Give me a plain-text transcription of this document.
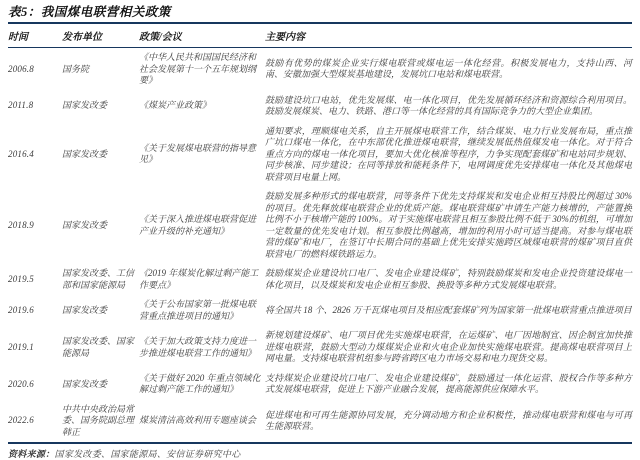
表5：我国煤电联营相关政策
时间	发布单位	政策/会议	主要内容
2006.8	国务院	《中华人民共和国国民经济和社会发展第十一个五年规划纲要》	鼓励有优势的煤炭企业实行煤电联营或煤电运一体化经营。积极发展电力，支持山西、河南、安徽加强大型煤炭基地建设，发展坑口电站和煤电联营。
2011.8	国家发改委	《煤炭产业政策》	鼓励建设坑口电站，优先发展煤、电一体化项目，优先发展循环经济和资源综合利用项目。鼓励发展煤炭、电力、铁路、港口等一体化经营的具有国际竞争力的大型企业集团。
2016.4	国家发改委	《关于发展煤电联营的指导意见》	通知要求，理顺煤电关系，自主开展煤电联营工作，结合煤炭、电力行业发展布局，重点推广坑口煤电一体化，在中东部优化推进煤电联营，继续发展低热值煤发电一体化。对于符合重点方向的煤电一体化项目，要加大优化核准等程序，力争实现配套煤矿和电站同步规划、同步核准、同步建设；在同等排放和能耗条件下，电网调度优先安排煤电一体化及其他煤电联营项目电量上网。
2018.9	国家发改委	《关于深入推进煤电联营促进产业升级的补充通知》	鼓励发展多种形式的煤电联营，同等条件下优先支持煤炭和发电企业相互持股比例超过 30%的项目。优先释放煤电联营企业的优质产能。煤电联营煤矿申请生产能力核增的，产能置换比例不小于核增产能的 100%。对于实施煤电联营且相互参股比例不低于 30%的机组，可增加一定数量的优先发电计划。相互参股比例越高，增加的利用小时可适当提高。对参与煤电联营的煤矿和电厂，在签订中长期合同的基础上优先安排实施跨区域煤电联营的煤矿项目直供联营电厂的燃料煤铁路运力。
2019.5	国家发改委、工信部和国家能源局	《2019 年煤炭化解过剩产能工作要点》	鼓励煤炭企业建设坑口电厂、发电企业建设煤矿，特别鼓励煤炭和发电企业投资建设煤电一体化项目，以及煤炭和发电企业相互参股、换股等多种方式发展煤电联营。
2019.6	国家发改委	《关于公布国家第一批煤电联营重点推进项目的通知》	将全国共 18 个、2826 万千瓦煤电项目及相应配套煤矿列为国家第一批煤电联营重点推进项目
2019.1	国家发改委、国家能源局	《关于加大政策支持力度进一步推进煤电联营工作的通知》	新规划建设煤矿、电厂项目优先实施煤电联营，在运煤矿、电厂因地制宜、因企制宜加快推进煤电联营，鼓励大型动力煤煤炭企业和火电企业加快实施煤电联营。提高煤电联营项目上网电量。支持煤电联营机组参与跨省跨区电力市场交易和电力现货交易。
2020.6	国家发改委	《关于做好 2020 年重点领域化解过剩产能工作的通知》	支持煤炭企业建设坑口电厂、发电企业建设煤矿，鼓励通过一体化运营、股权合作等多种方式发展煤电联营，促进上下游产业融合发展，提高能源供应保障水平。
2022.6	中共中央政治局常委、国务院副总理韩正	煤炭清洁高效利用专题座谈会	促进煤电和可再生能源协同发展，充分调动地方和企业积极性，推动煤电联营和煤电与可再生能源联营。
资料来源：国家发改委、国家能源局、安信证券研究中心
